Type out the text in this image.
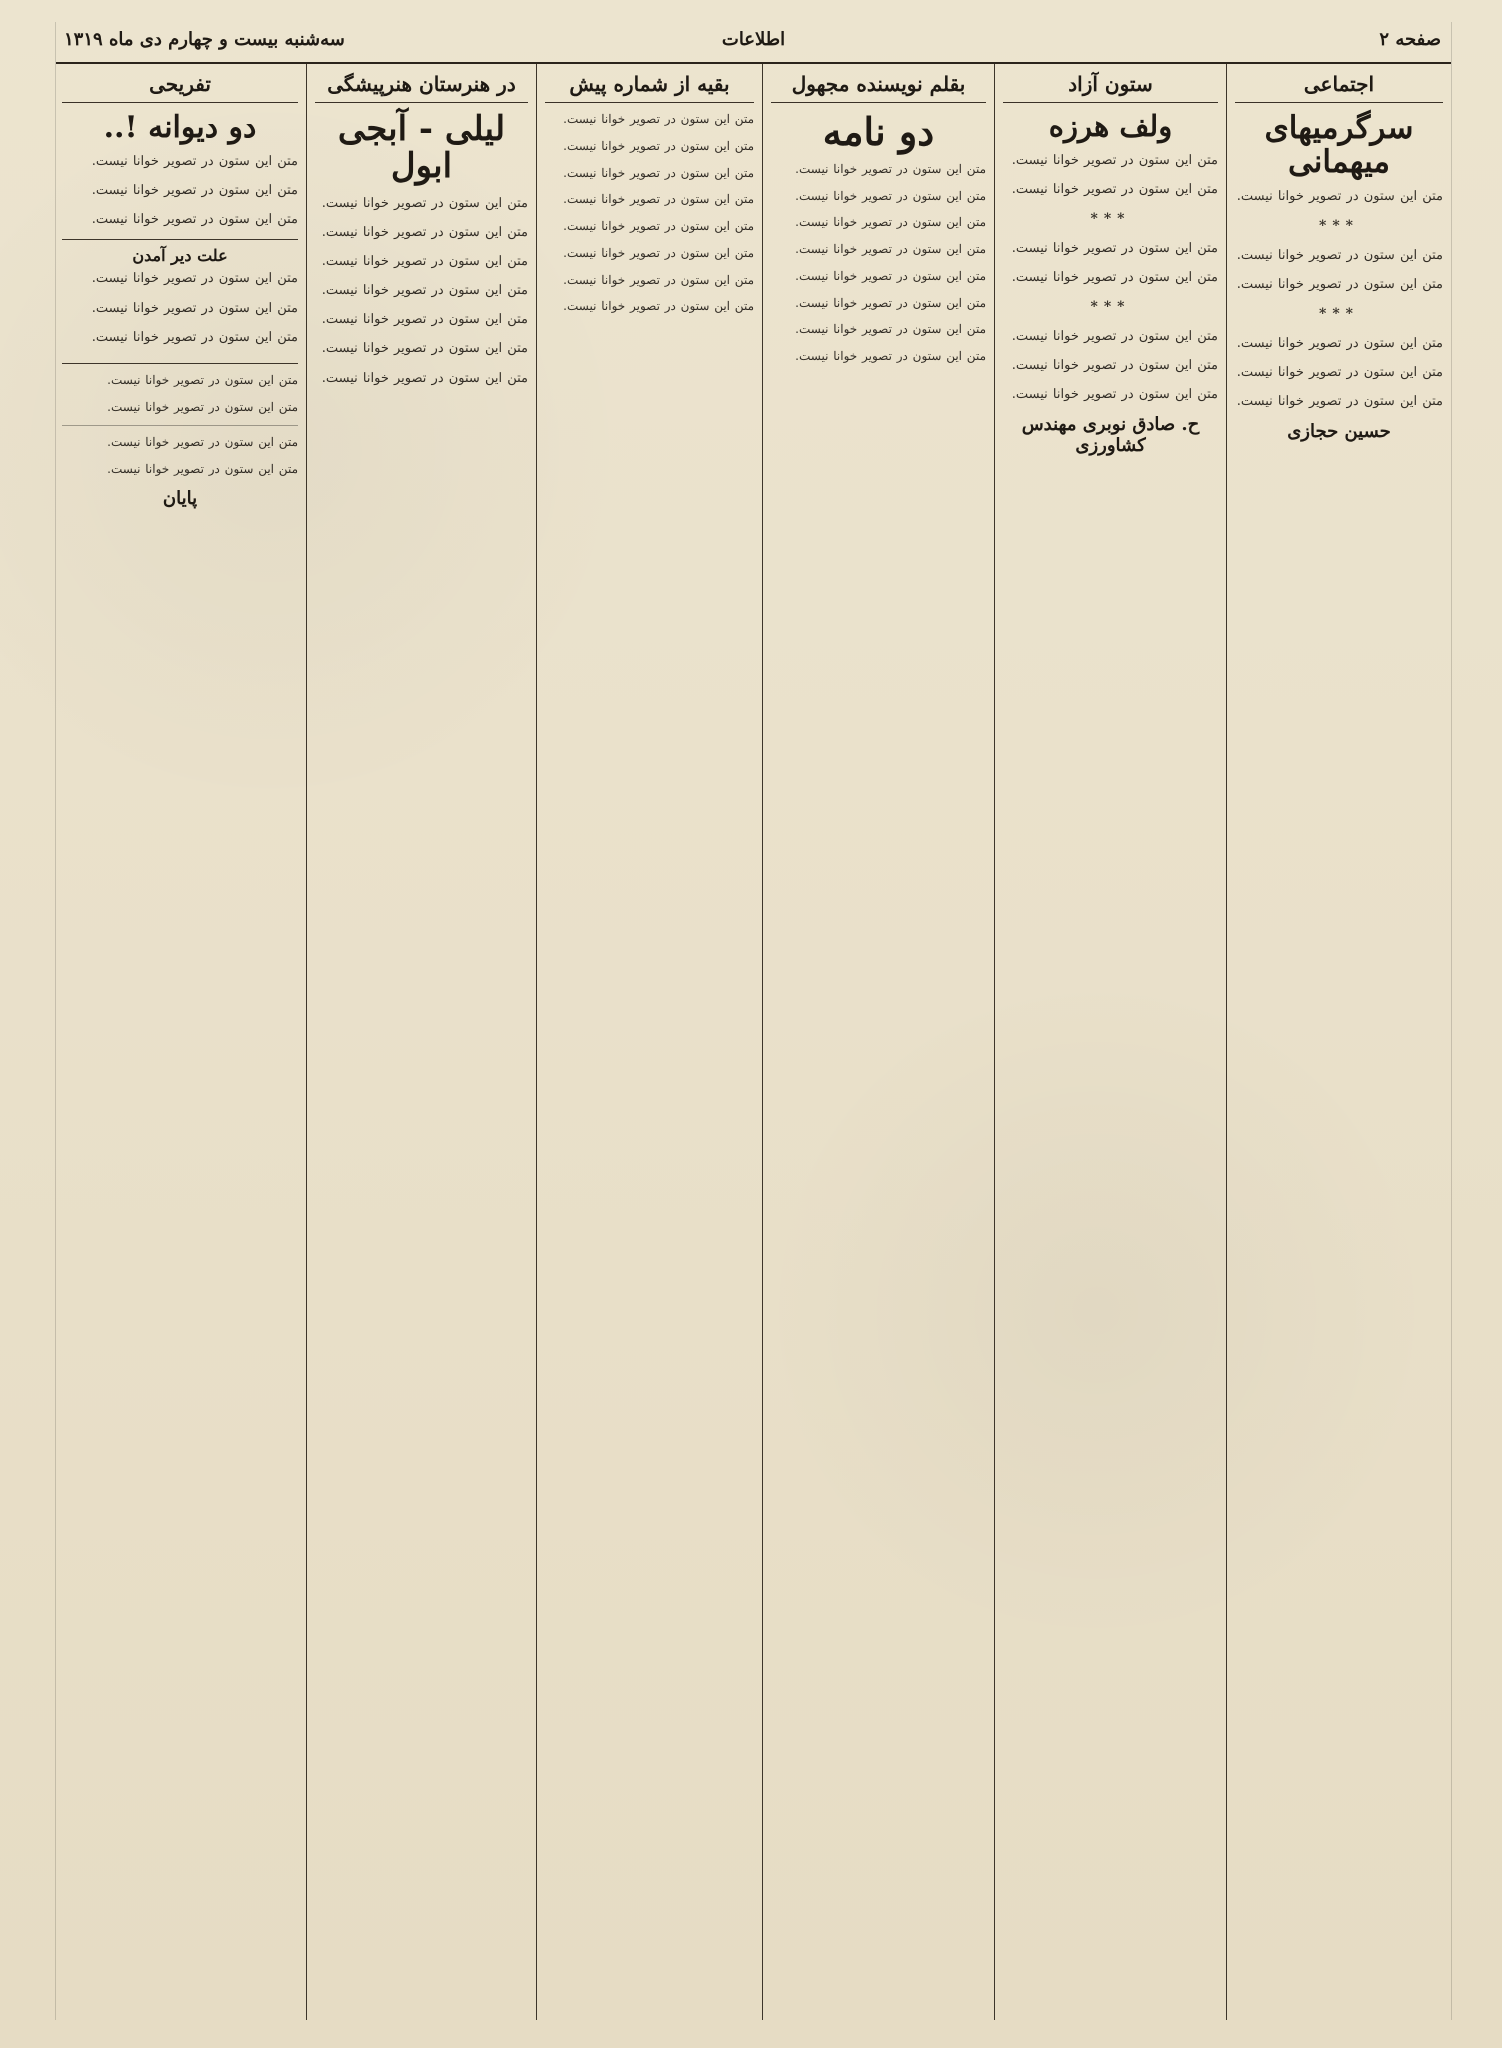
صفحه ۲
اطلاعات
سه‌شنبه بیست و چهارم دی ماه ۱۳۱۹
اجتماعی
سرگرمیهای میهمانی

متن این ستون در تصویر خوانا نیست.

***

متن این ستون در تصویر خوانا نیست.

متن این ستون در تصویر خوانا نیست.

***

متن این ستون در تصویر خوانا نیست.

متن این ستون در تصویر خوانا نیست.

متن این ستون در تصویر خوانا نیست.

حسین حجازی
ستون آزاد
ولف هرزه

متن این ستون در تصویر خوانا نیست.

متن این ستون در تصویر خوانا نیست.

***

متن این ستون در تصویر خوانا نیست.

متن این ستون در تصویر خوانا نیست.

***

متن این ستون در تصویر خوانا نیست.

متن این ستون در تصویر خوانا نیست.

متن این ستون در تصویر خوانا نیست.

ح. صادق نوبری مهندس کشاورزی
بقلم نویسنده مجهول
دو نامه

متن این ستون در تصویر خوانا نیست.

متن این ستون در تصویر خوانا نیست.

متن این ستون در تصویر خوانا نیست.

متن این ستون در تصویر خوانا نیست.

متن این ستون در تصویر خوانا نیست.

متن این ستون در تصویر خوانا نیست.

متن این ستون در تصویر خوانا نیست.

متن این ستون در تصویر خوانا نیست.

بقیه از شماره پیش

متن این ستون در تصویر خوانا نیست.

متن این ستون در تصویر خوانا نیست.

متن این ستون در تصویر خوانا نیست.

متن این ستون در تصویر خوانا نیست.

متن این ستون در تصویر خوانا نیست.

متن این ستون در تصویر خوانا نیست.

متن این ستون در تصویر خوانا نیست.

متن این ستون در تصویر خوانا نیست.

در هنرستان هنرپیشگی
لیلی - آبجی ابول

متن این ستون در تصویر خوانا نیست.

متن این ستون در تصویر خوانا نیست.

متن این ستون در تصویر خوانا نیست.

متن این ستون در تصویر خوانا نیست.

متن این ستون در تصویر خوانا نیست.

متن این ستون در تصویر خوانا نیست.

متن این ستون در تصویر خوانا نیست.

تفریحی
دو دیوانه !..

متن این ستون در تصویر خوانا نیست.

متن این ستون در تصویر خوانا نیست.

متن این ستون در تصویر خوانا نیست.

علت دیر آمدن

متن این ستون در تصویر خوانا نیست.

متن این ستون در تصویر خوانا نیست.

متن این ستون در تصویر خوانا نیست.

متن این ستون در تصویر خوانا نیست.

متن این ستون در تصویر خوانا نیست.

متن این ستون در تصویر خوانا نیست.

متن این ستون در تصویر خوانا نیست.

پایان
